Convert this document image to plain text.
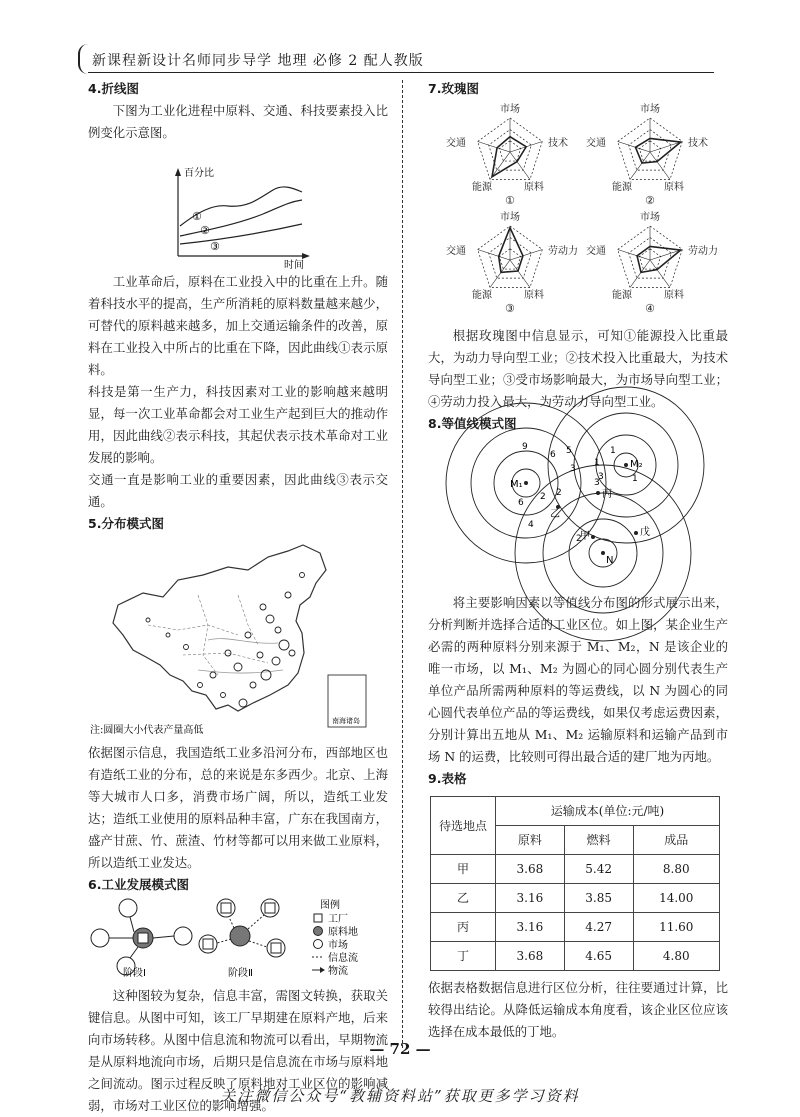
新课程新设计名师同步导学 地理 必修 2 配人教版
4.折线图

下图为工业化进程中原料、交通、科技要素投入比例变化示意图。

百分比
时间
①
②
③

工业革命后，原料在工业投入中的比重在上升。随着科技水平的提高，生产所消耗的原料数量越来越少，可替代的原料越来越多，加上交通运输条件的改善，原料在工业投入中所占的比重在下降，因此曲线①表示原料。

科技是第一生产力，科技因素对工业的影响越来越明显，每一次工业革命都会对工业生产起到巨大的推动作用，因此曲线②表示科技，其起伏表示技术革命对工业发展的影响。

交通一直是影响工业的重要因素，因此曲线③表示交通。

5.分布模式图
南海诸岛
注:圆圈大小代表产量高低

依据图示信息，我国造纸工业多沿河分布，西部地区也有造纸工业的分布，总的来说是东多西少。北京、上海等大城市人口多，消费市场广阔，所以，造纸工业发达；造纸工业使用的原料品种丰富，广东在我国南方，盛产甘蔗、竹、蔗渣、竹材等都可以用来做工业原料，所以造纸工业发达。

6.工业发展模式图
阶段Ⅰ	阶段Ⅱ
图例
工厂
原料地
市场
信息流
物流

这种图较为复杂，信息丰富，需图文转换，获取关键信息。从图中可知，该工厂早期建在原料产地，后来向市场转移。从图中信息流和物流可以看出，早期物流是从原料地流向市场，后期只是信息流在市场与原料地之间流动。图示过程反映了原料地对工业区位的影响减弱，市场对工业区位的影响增强。

7.玫瑰图
市场
技术
原料
能源
交通
①
市场
技术
原料
能源
交通
②
市场
劳动力
原料
能源
交通
③
市场
劳动力
原料
能源
交通
④

根据玫瑰图中信息显示，可知①能源投入比重最大，为动力导向型工业；②技术投入比重最大，为技术导向型工业；③受市场影响最大，为市场导向型工业；④劳动力投入最大，为劳动力导向型工业。

8.等值线模式图
M₁
M₂
N
甲
乙
丙
戊
9
6
3
1
1
3
6
2
4
2
2
3
5	1

将主要影响因素以等值线分布图的形式展示出来，分析判断并选择合适的工业区位。如上图，某企业生产必需的两种原料分别来源于 M₁、M₂，N 是该企业的唯一市场，以 M₁、M₂ 为圆心的同心圆分别代表生产单位产品所需两种原料的等运费线，以 N 为圆心的同心圆代表单位产品的等运费线，如果仅考虑运费因素，分别计算出五地从 M₁、M₂ 运输原料和运输产品到市场 N 的运费，比较则可得出最合适的建厂地为丙地。

9.表格
待选地点	运输成本(单位:元/吨)		
	原料	燃料	成品
甲	3.68	5.42	8.80
乙	3.16	3.85	14.00
丙	3.16	4.27	11.60
丁	3.68	4.65	4.80

依据表格数据信息进行区位分析，往往要通过计算，比较得出结论。从降低运输成本角度看，该企业区位应该选择在成本最低的丁地。

— 72 —
关注微信公众号“教辅资料站”获取更多学习资料
